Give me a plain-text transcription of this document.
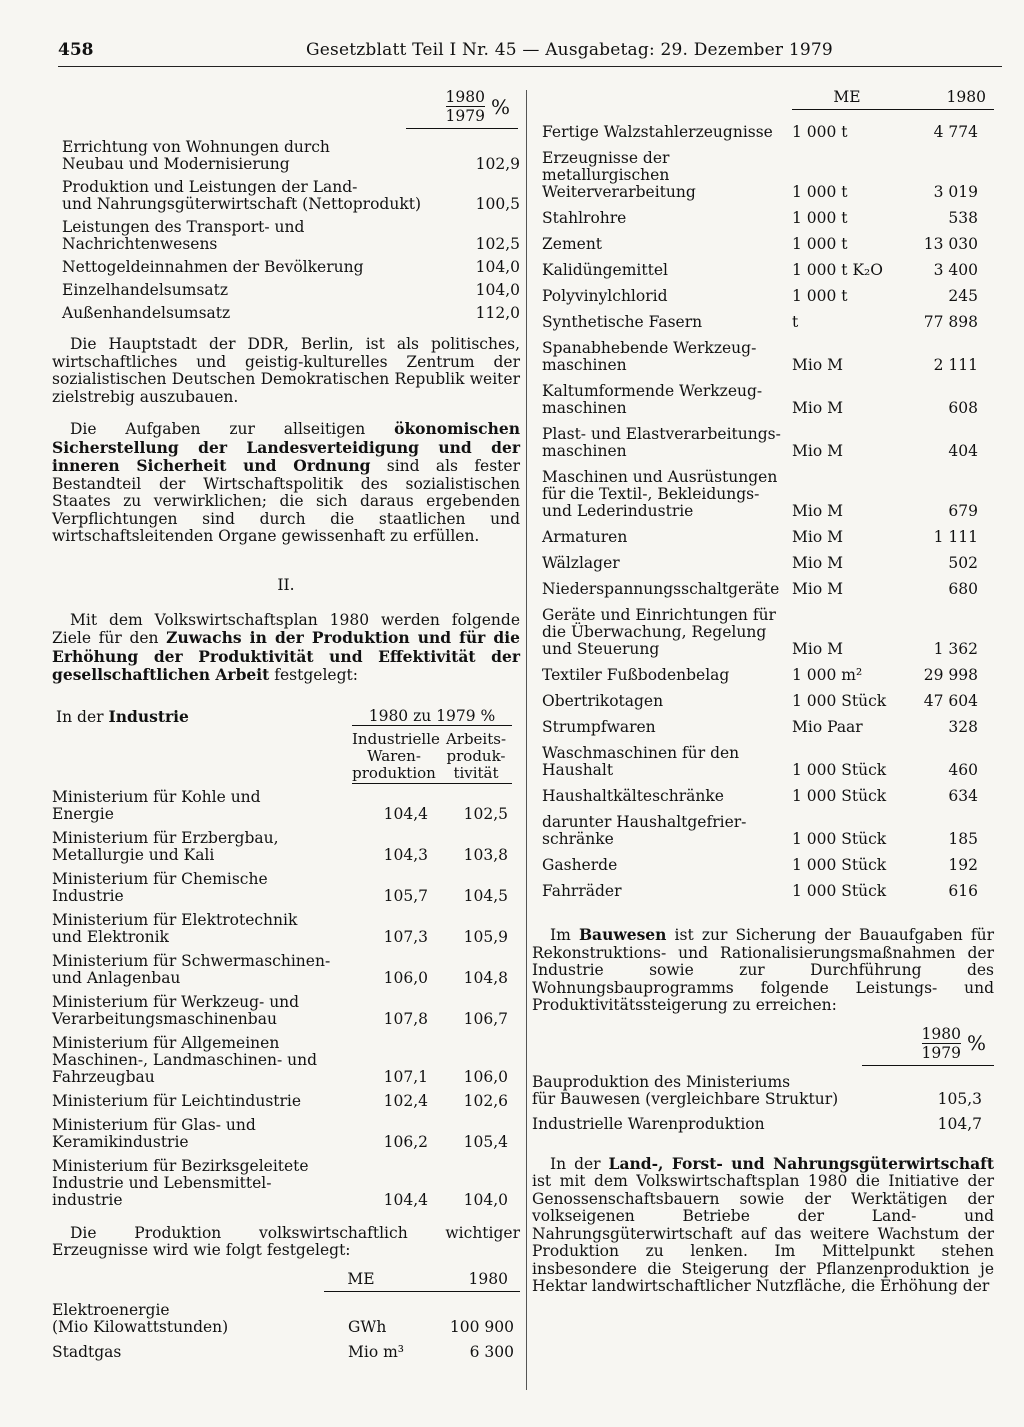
458	Gesetzblatt Teil I Nr. 45 — Ausgabetag: 29. Dezember 1979
$\frac{1980}{1979}$ %
Errichtung von Wohnungen durch
Neubau und Modernisierung	102,9
Produktion und Leistungen der Land-
und Nahrungsgüterwirtschaft (Nettoprodukt)	100,5
Leistungen des Transport- und
Nachrichtenwesens	102,5
Nettogeldeinnahmen der Bevölkerung	104,0
Einzelhandelsumsatz	104,0
Außenhandelsumsatz	112,0

Die Hauptstadt der DDR, Berlin, ist als politisches, wirtschaftliches und geistig-kulturelles Zentrum der sozialistischen Deutschen Demokratischen Republik weiter zielstrebig auszubauen.

Die Aufgaben zur allseitigen ökonomischen Sicherstellung der Landesverteidigung und der inneren Sicherheit und Ordnung sind als fester Bestandteil der Wirtschaftspolitik des sozialistischen Staates zu verwirklichen; die sich daraus ergebenden Verpflichtungen sind durch die staatlichen und wirtschaftsleitenden Organe gewissenhaft zu erfüllen.

II.

Mit dem Volkswirtschaftsplan 1980 werden folgende Ziele für den Zuwachs in der Produktion und für die Erhöhung der Produktivität und Effektivität der gesellschaftlichen Arbeit festgelegt:

In der Industrie	1980 zu 1979 %
Industrielle
Waren-
produktion
Arbeits-
produk-
tivität
Ministerium für Kohle und
Energie	104,4	102,5
Ministerium für Erzbergbau,
Metallurgie und Kali	104,3	103,8
Ministerium für Chemische
Industrie	105,7	104,5
Ministerium für Elektrotechnik
und Elektronik	107,3	105,9
Ministerium für Schwermaschinen-
und Anlagenbau	106,0	104,8
Ministerium für Werkzeug- und
Verarbeitungsmaschinenbau	107,8	106,7
Ministerium für Allgemeinen
Maschinen-, Landmaschinen- und
Fahrzeugbau	107,1	106,0
Ministerium für Leichtindustrie	102,4	102,6
Ministerium für Glas- und
Keramikindustrie	106,2	105,4
Ministerium für Bezirksgeleitete
Industrie und Lebensmittel-
industrie	104,4	104,0

Die Produktion volkswirtschaftlich wichtiger Erzeugnisse wird wie folgt festgelegt:

ME	1980
Elektroenergie
(Mio Kilowattstunden)	GWh	100 900
Stadtgas	Mio m³	6 300
ME	1980
Fertige Walzstahlerzeugnisse	1 000 t	4 774
Erzeugnisse der metallurgischen
Weiterverarbeitung	1 000 t	3 019
Stahlrohre	1 000 t	538
Zement	1 000 t	13 030
Kalidüngemittel	1 000 t K₂O	3 400
Polyvinylchlorid	1 000 t	245
Synthetische Fasern	t	77 898
Spanabhebende Werkzeug-
maschinen	Mio M	2 111
Kaltumformende Werkzeug-
maschinen	Mio M	608
Plast- und Elastverarbeitungs-
maschinen	Mio M	404
Maschinen und Ausrüstungen
für die Textil-, Bekleidungs-
und Lederindustrie	Mio M	679
Armaturen	Mio M	1 111
Wälzlager	Mio M	502
Niederspannungsschaltgeräte Mio M	680
Geräte und Einrichtungen für
die Überwachung, Regelung
und Steuerung	Mio M	1 362
Textiler Fußbodenbelag	1 000 m²	29 998
Obertrikotagen	1 000 Stück	47 604
Strumpfwaren	Mio Paar	328
Waschmaschinen für den
Haushalt	1 000 Stück	460
Haushaltkälteschränke	1 000 Stück	634
darunter Haushaltgefrier-
schränke	1 000 Stück	185
Gasherde	1 000 Stück	192
Fahrräder	1 000 Stück	616

Im Bauwesen ist zur Sicherung der Bauaufgaben für Rekonstruktions- und Rationalisierungsmaßnahmen der Industrie sowie zur Durchführung des Wohnungsbauprogramms folgende Leistungs- und Produktivitätssteigerung zu erreichen:

$\frac{1980}{1979}$ %
Bauproduktion des Ministeriums
für Bauwesen (vergleichbare Struktur)	105,3
Industrielle Warenproduktion	104,7

In der Land-, Forst- und Nahrungsgüterwirtschaft ist mit dem Volkswirtschaftsplan 1980 die Initiative der Genossenschaftsbauern sowie der Werktätigen der volkseigenen Betriebe der Land- und Nahrungsgüterwirtschaft auf das weitere Wachstum der Produktion zu lenken. Im Mittelpunkt stehen insbesondere die Steigerung der Pflanzenproduktion je Hektar landwirtschaftlicher Nutzfläche, die Erhöhung der
